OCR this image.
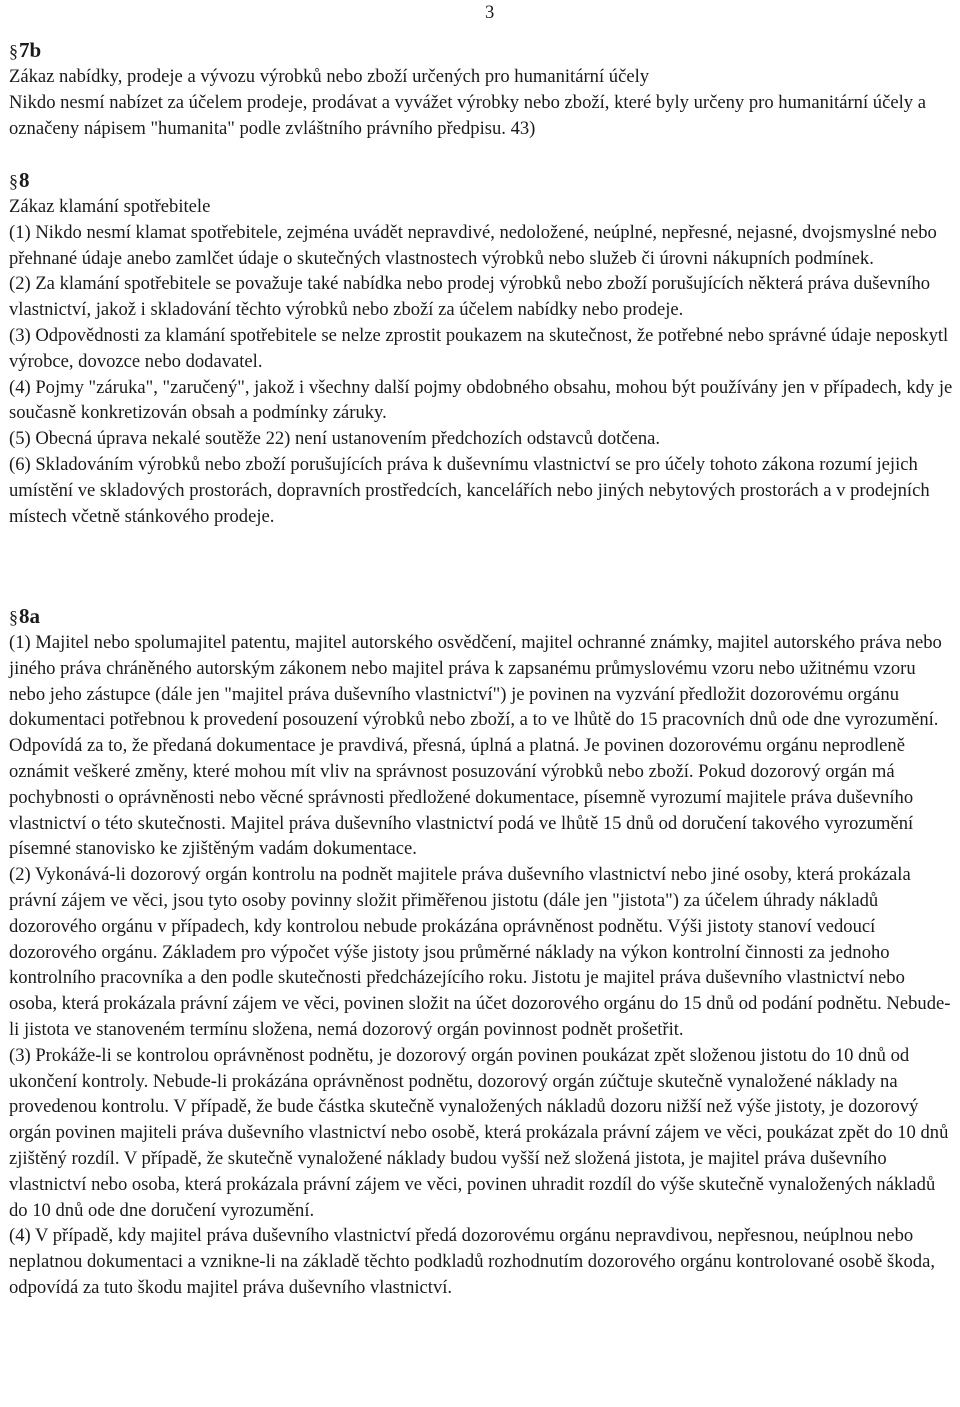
3
§7b

Zákaz nabídky, prodeje a vývozu výrobků nebo zboží určených pro humanitární účely

Nikdo nesmí nabízet za účelem prodeje, prodávat a vyvážet výrobky nebo zboží, které byly určeny pro humanitární účely a označeny nápisem "humanita" podle zvláštního právního předpisu. 43)

§8

Zákaz klamání spotřebitele

(1) Nikdo nesmí klamat spotřebitele, zejména uvádět nepravdivé, nedoložené, neúplné, nepřesné, nejasné, dvojsmyslné nebo přehnané údaje anebo zamlčet údaje o skutečných vlastnostech výrobků nebo služeb či úrovni nákupních podmínek.

(2) Za klamání spotřebitele se považuje také nabídka nebo prodej výrobků nebo zboží porušujících některá práva duševního vlastnictví, jakož i skladování těchto výrobků nebo zboží za účelem nabídky nebo prodeje.

(3) Odpovědnosti za klamání spotřebitele se nelze zprostit poukazem na skutečnost, že potřebné nebo správné údaje neposkytl výrobce, dovozce nebo dodavatel.

(4) Pojmy "záruka", "zaručený", jakož i všechny další pojmy obdobného obsahu, mohou být používány jen v případech, kdy je současně konkretizován obsah a podmínky záruky.

(5) Obecná úprava nekalé soutěže 22) není ustanovením předchozích odstavců dotčena.

(6) Skladováním výrobků nebo zboží porušujících práva k duševnímu vlastnictví se pro účely tohoto zákona rozumí jejich umístění ve skladových prostorách, dopravních prostředcích, kancelářích nebo jiných nebytových prostorách a v prodejních místech včetně stánkového prodeje.

§8a

(1) Majitel nebo spolumajitel patentu, majitel autorského osvědčení, majitel ochranné známky, majitel autorského práva nebo jiného práva chráněného autorským zákonem nebo majitel práva k zapsanému průmyslovému vzoru nebo užitnému vzoru nebo jeho zástupce (dále jen "majitel práva duševního vlastnictví") je povinen na vyzvání předložit dozorovému orgánu dokumentaci potřebnou k provedení posouzení výrobků nebo zboží, a to ve lhůtě do 15 pracovních dnů ode dne vyrozumění. Odpovídá za to, že předaná dokumentace je pravdivá, přesná, úplná a platná. Je povinen dozorovému orgánu neprodleně oznámit veškeré změny, které mohou mít vliv na správnost posuzování výrobků nebo zboží. Pokud dozorový orgán má pochybnosti o oprávněnosti nebo věcné správnosti předložené dokumentace, písemně vyrozumí majitele práva duševního vlastnictví o této skutečnosti. Majitel práva duševního vlastnictví podá ve lhůtě 15 dnů od doručení takového vyrozumění písemné stanovisko ke zjištěným vadám dokumentace.

(2) Vykonává-li dozorový orgán kontrolu na podnět majitele práva duševního vlastnictví nebo jiné osoby, která prokázala právní zájem ve věci, jsou tyto osoby povinny složit přiměřenou jistotu (dále jen "jistota") za účelem úhrady nákladů dozorového orgánu v případech, kdy kontrolou nebude prokázána oprávněnost podnětu. Výši jistoty stanoví vedoucí dozorového orgánu. Základem pro výpočet výše jistoty jsou průměrné náklady na výkon kontrolní činnosti za jednoho kontrolního pracovníka a den podle skutečnosti předcházejícího roku. Jistotu je majitel práva duševního vlastnictví nebo osoba, která prokázala právní zájem ve věci, povinen složit na účet dozorového orgánu do 15 dnů od podání podnětu. Nebude-li jistota ve stanoveném termínu složena, nemá dozorový orgán povinnost podnět prošetřit.

(3) Prokáže-li se kontrolou oprávněnost podnětu, je dozorový orgán povinen poukázat zpět složenou jistotu do 10 dnů od ukončení kontroly. Nebude-li prokázána oprávněnost podnětu, dozorový orgán zúčtuje skutečně vynaložené náklady na provedenou kontrolu. V případě, že bude částka skutečně vynaložených nákladů dozoru nižší než výše jistoty, je dozorový orgán povinen majiteli práva duševního vlastnictví nebo osobě, která prokázala právní zájem ve věci, poukázat zpět do 10 dnů zjištěný rozdíl. V případě, že skutečně vynaložené náklady budou vyšší než složená jistota, je majitel práva duševního vlastnictví nebo osoba, která prokázala právní zájem ve věci, povinen uhradit rozdíl do výše skutečně vynaložených nákladů do 10 dnů ode dne doručení vyrozumění.

(4) V případě, kdy majitel práva duševního vlastnictví předá dozorovému orgánu nepravdivou, nepřesnou, neúplnou nebo neplatnou dokumentaci a vznikne-li na základě těchto podkladů rozhodnutím dozorového orgánu kontrolované osobě škoda, odpovídá za tuto škodu majitel práva duševního vlastnictví.
